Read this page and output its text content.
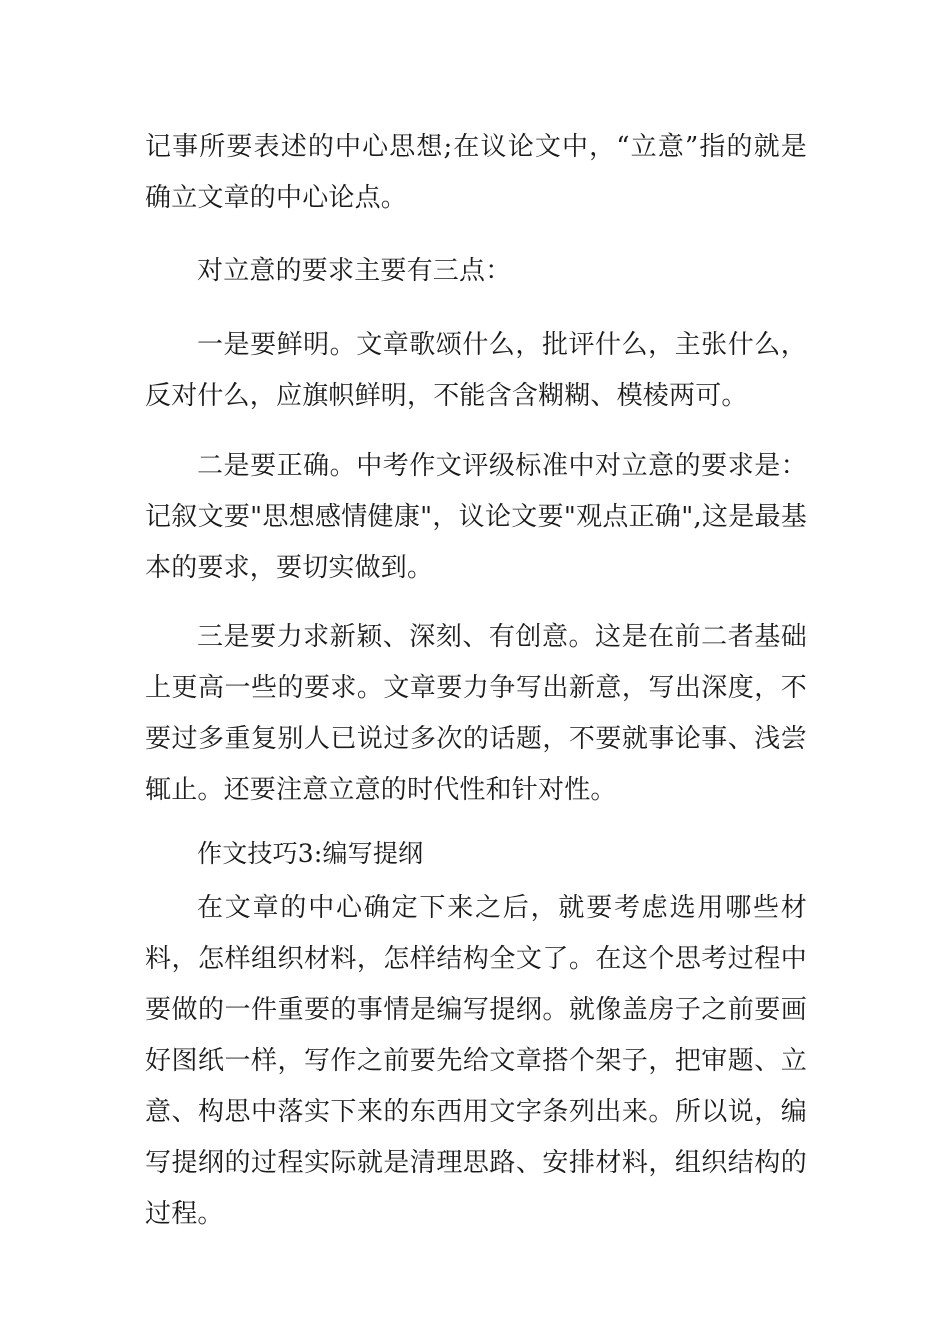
记事所要表述的中心思想;在议论文中，“立意”指的就是确立文章的中心论点。

对立意的要求主要有三点：

一是要鲜明。文章歌颂什么，批评什么，主张什么，反对什么，应旗帜鲜明，不能含含糊糊、模棱两可。

二是要正确。中考作文评级标准中对立意的要求是：记叙文要"思想感情健康"，议论文要"观点正确",这是最基本的要求，要切实做到。

三是要力求新颖、深刻、有创意。这是在前二者基础上更高一些的要求。文章要力争写出新意，写出深度，不要过多重复别人已说过多次的话题，不要就事论事、浅尝辄止。还要注意立意的时代性和针对性。

作文技巧3:编写提纲

在文章的中心确定下来之后，就要考虑选用哪些材料，怎样组织材料，怎样结构全文了。在这个思考过程中要做的一件重要的事情是编写提纲。就像盖房子之前要画好图纸一样，写作之前要先给文章搭个架子，把审题、立意、构思中落实下来的东西用文字条列出来。所以说，编写提纲的过程实际就是清理思路、安排材料，组织结构的过程。
